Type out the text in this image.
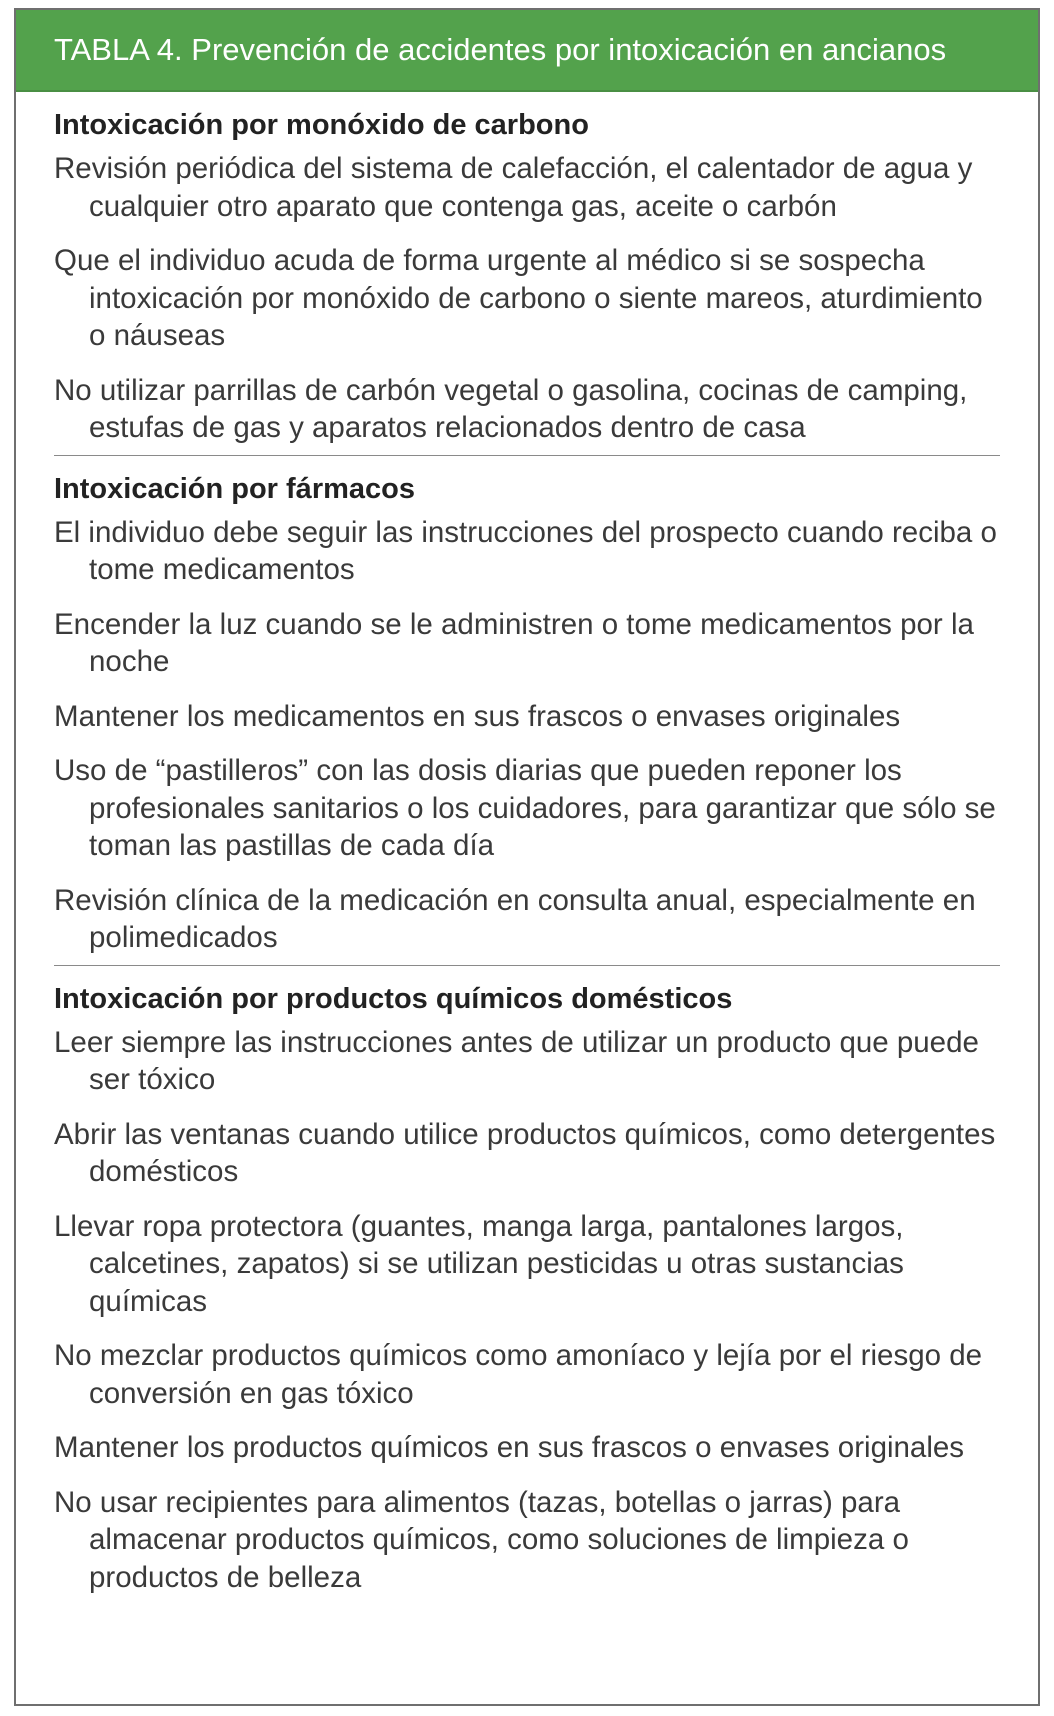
TABLA 4. Prevención de accidentes por intoxicación en ancianos

Intoxicación por monóxido de carbono

Revisión periódica del sistema de calefacción, el calentador de agua y cualquier otro aparato que contenga gas, aceite o carbón

Que el individuo acuda de forma urgente al médico si se sospecha intoxicación por monóxido de carbono o siente mareos, aturdimiento o náuseas

No utilizar parrillas de carbón vegetal o gasolina, cocinas de camping, estufas de gas y aparatos relacionados dentro de casa

Intoxicación por fármacos

El individuo debe seguir las instrucciones del prospecto cuando reciba o tome medicamentos

Encender la luz cuando se le administren o tome medicamentos por la noche

Mantener los medicamentos en sus frascos o envases originales

Uso de “pastilleros” con las dosis diarias que pueden reponer los profesionales sanitarios o los cuidadores, para garantizar que sólo se toman las pastillas de cada día

Revisión clínica de la medicación en consulta anual, especialmente en polimedicados

Intoxicación por productos químicos domésticos

Leer siempre las instrucciones antes de utilizar un producto que puede ser tóxico

Abrir las ventanas cuando utilice productos químicos, como detergentes domésticos

Llevar ropa protectora (guantes, manga larga, pantalones largos, calcetines, zapatos) si se utilizan pesticidas u otras sustancias químicas

No mezclar productos químicos como amoníaco y lejía por el riesgo de conversión en gas tóxico

Mantener los productos químicos en sus frascos o envases originales

No usar recipientes para alimentos (tazas, botellas o jarras) para almacenar productos químicos, como soluciones de limpieza o productos de belleza
